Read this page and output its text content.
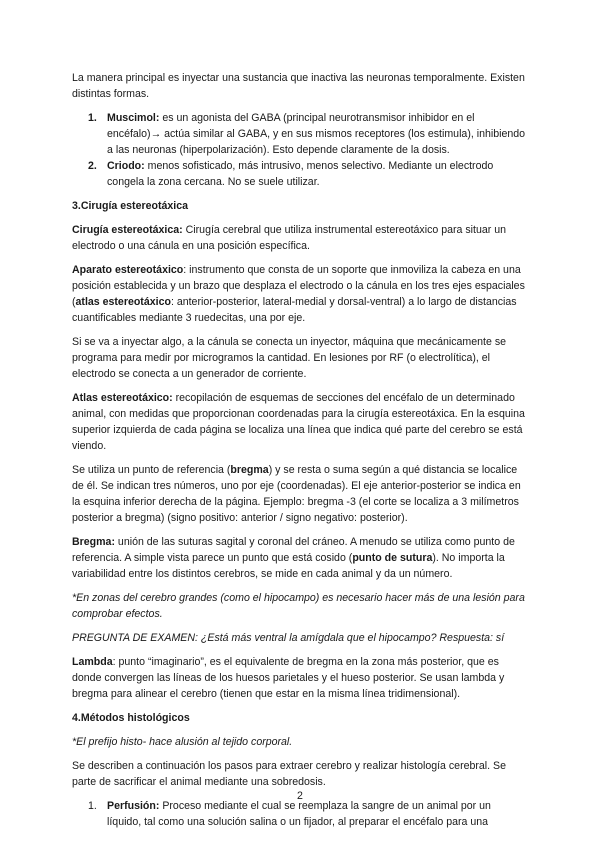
La manera principal es inyectar una sustancia que inactiva las neuronas temporalmente. Existen distintas formas.

1. Muscimol: es un agonista del GABA (principal neurotransmisor inhibidor en el encéfalo)→ actúa similar al GABA, y en sus mismos receptores (los estimula), inhibiendo a las neuronas (hiperpolarización). Esto depende claramente de la dosis.
2. Criodo: menos sofisticado, más intrusivo, menos selectivo. Mediante un electrodo congela la zona cercana. No se suele utilizar.
3.Cirugía estereotáxica

Cirugía estereotáxica: Cirugía cerebral que utiliza instrumental estereotáxico para situar un electrodo o una cánula en una posición específica.

Aparato estereotáxico: instrumento que consta de un soporte que inmoviliza la cabeza en una posición establecida y un brazo que desplaza el electrodo o la cánula en los tres ejes espaciales (atlas estereotáxico: anterior-posterior, lateral-medial y dorsal-ventral) a lo largo de distancias cuantificables mediante 3 ruedecitas, una por eje.

Si se va a inyectar algo, a la cánula se conecta un inyector, máquina que mecánicamente se programa para medir por microgramos la cantidad. En lesiones por RF (o electrolítica), el electrodo se conecta a un generador de corriente.

Atlas estereotáxico: recopilación de esquemas de secciones del encéfalo de un determinado animal, con medidas que proporcionan coordenadas para la cirugía estereotáxica. En la esquina superior izquierda de cada página se localiza una línea que indica qué parte del cerebro se está viendo.

Se utiliza un punto de referencia (bregma) y se resta o suma según a qué distancia se localice de él. Se indican tres números, uno por eje (coordenadas). El eje anterior-posterior se indica en la esquina inferior derecha de la página. Ejemplo: bregma -3 (el corte se localiza a 3 milímetros posterior a bregma) (signo positivo: anterior / signo negativo: posterior).

Bregma: unión de las suturas sagital y coronal del cráneo. A menudo se utiliza como punto de referencia. A simple vista parece un punto que está cosido (punto de sutura). No importa la variabilidad entre los distintos cerebros, se mide en cada animal y da un número.

*En zonas del cerebro grandes (como el hipocampo) es necesario hacer más de una lesión para comprobar efectos.

PREGUNTA DE EXAMEN: ¿Está más ventral la amígdala que el hipocampo? Respuesta: sí

Lambda: punto “imaginario”, es el equivalente de bregma en la zona más posterior, que es donde convergen las líneas de los huesos parietales y el hueso posterior. Se usan lambda y bregma para alinear el cerebro (tienen que estar en la misma línea tridimensional).

4.Métodos histológicos

*El prefijo histo- hace alusión al tejido corporal.

Se describen a continuación los pasos para extraer cerebro y realizar histología cerebral. Se parte de sacrificar el animal mediante una sobredosis.

1. Perfusión: Proceso mediante el cual se reemplaza la sangre de un animal por un líquido, tal como una solución salina o un fijador, al preparar el encéfalo para una
2
